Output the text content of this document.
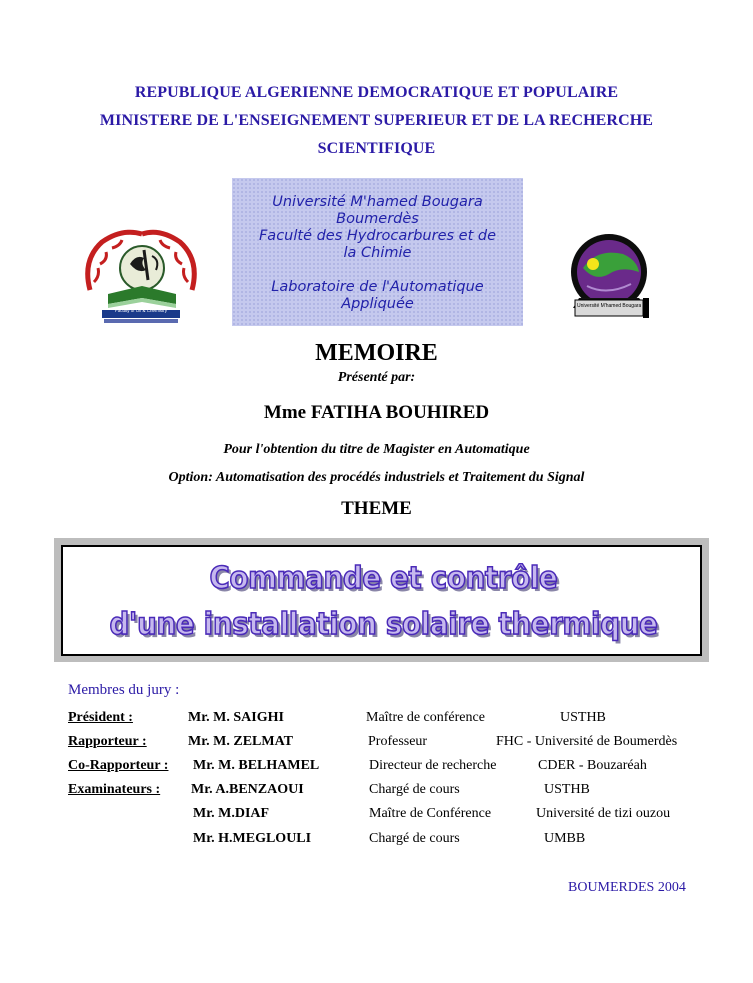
REPUBLIQUE ALGERIENNE DEMOCRATIQUE ET POPULAIRE
MINISTERE DE L'ENSEIGNEMENT SUPERIEUR ET DE LA RECHERCHE
SCIENTIFIQUE
Faculty of Oil & Chemistry
Université M'hamed Bougara
Boumerdès
Faculté des Hydrocarbures et de
la Chimie
Laboratoire de l'Automatique
Appliquée	Université M'hamed Bougara
MEMOIRE
Présenté par:
Mme FATIHA BOUHIRED
Pour l'obtention du titre de Magister en Automatique
Option: Automatisation des procédés industriels et Traitement du Signal
THEME
Commande et contrôle
d'une installation solaire thermique
Membres du jury :
Président :	Mr. M. SAIGHI	Maître de conférence	USTHB
Rapporteur :	Mr. M. ZELMAT	Professeur	FHC - Université de Boumerdès
Co-Rapporteur : Mr. M. BELHAMEL	Directeur de recherche	CDER - Bouzaréah
Examinateurs : Mr. A.BENZAOUI	Chargé de cours	USTHB
Mr. M.DIAF	Maître de Conférence	Université de tizi ouzou
Mr. H.MEGLOULI	Chargé de cours	UMBB
BOUMERDES 2004
